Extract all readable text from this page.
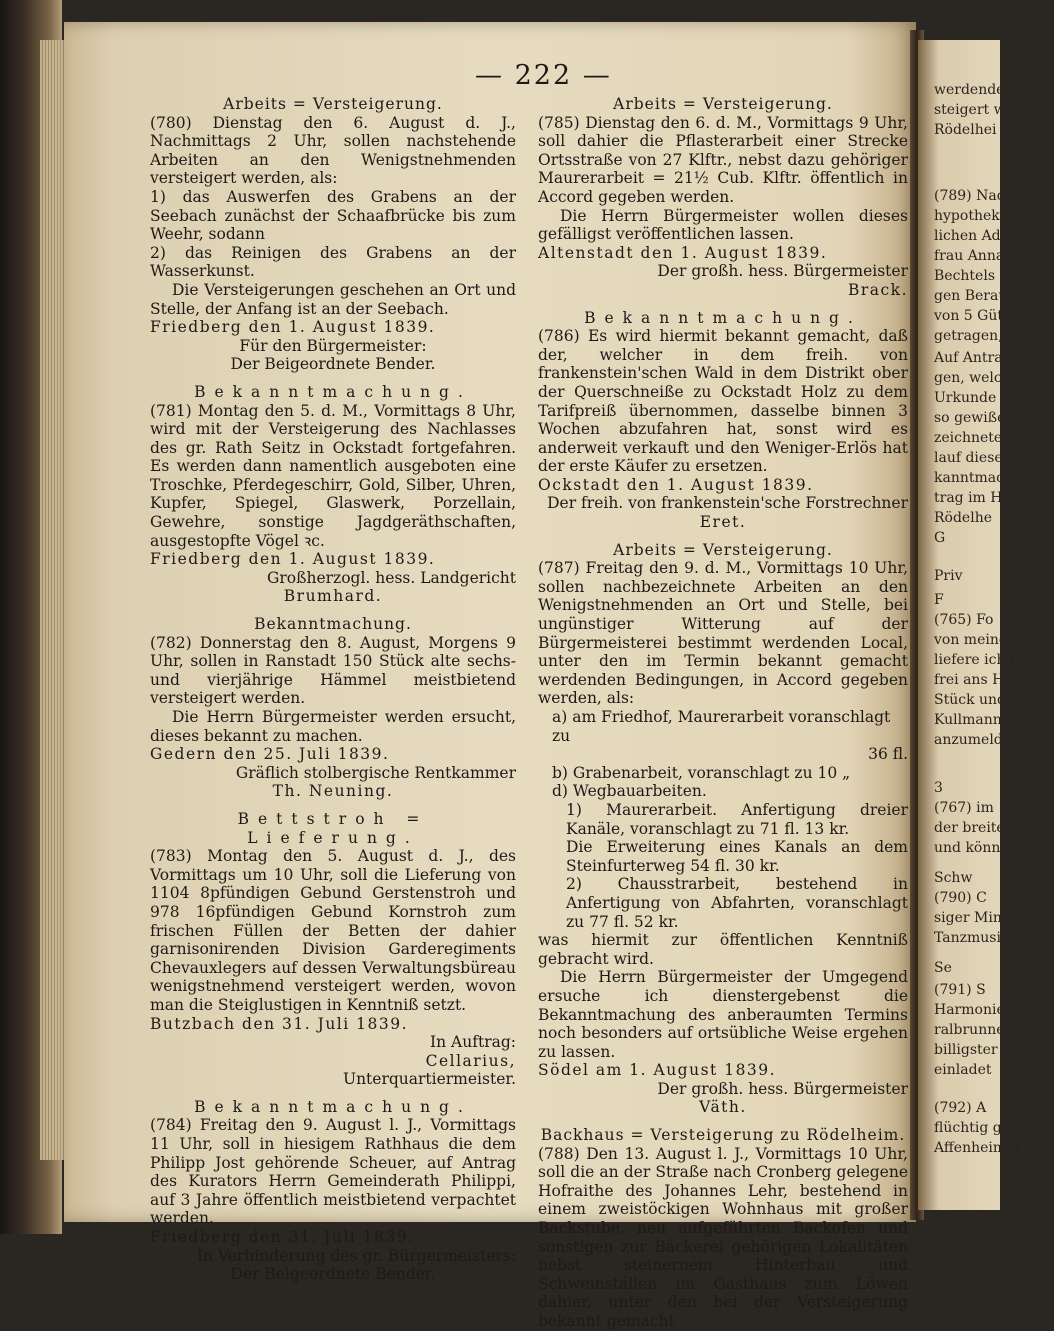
— 222 —

Arbeits = Versteigerung.

(780) Dienstag den 6. August d. J., Nachmittags 2 Uhr, sollen nachstehende Arbeiten an den Wenigstnehmenden versteigert werden, als:

1) das Auswerfen des Grabens an der Seebach zunächst der Schaafbrücke bis zum Weehr, sodann

2) das Reinigen des Grabens an der Wasserkunst.

Die Versteigerungen geschehen an Ort und Stelle, der Anfang ist an der Seebach.

Friedberg den 1. August 1839.

Für den Bürgermeister:

Der Beigeordnete Bender.

Bekanntmachung.

(781) Montag den 5. d. M., Vormittags 8 Uhr, wird mit der Versteigerung des Nachlasses des gr. Rath Seitz in Ockstadt fortgefahren. Es werden dann namentlich ausgeboten eine Troschke, Pferdegeschirr, Gold, Silber, Uhren, Kupfer, Spiegel, Glaswerk, Porzellain, Gewehre, sonstige Jagdgeräthschaften, ausgestopfte Vögel ꝛc.

Friedberg den 1. August 1839.

Großherzogl. hess. Landgericht

Brumhard.

Bekanntmachung.

(782) Donnerstag den 8. August, Morgens 9 Uhr, sollen in Ranstadt 150 Stück alte sechs- und vierjährige Hämmel meistbietend versteigert werden.

Die Herrn Bürgermeister werden ersucht, dieses bekannt zu machen.

Gedern den 25. Juli 1839.

Gräflich stolbergische Rentkammer

Th. Neuning.

Bettstroh = Lieferung.

(783) Montag den 5. August d. J., des Vormittags um 10 Uhr, soll die Lieferung von 1104 8pfündigen Gebund Gerstenstroh und 978 16pfündigen Gebund Kornstroh zum frischen Füllen der Betten der dahier garnisonirenden Division Garderegiments Chevauxlegers auf dessen Verwaltungsbüreau wenigstnehmend versteigert werden, wovon man die Steiglustigen in Kenntniß setzt.

Butzbach den 31. Juli 1839.

In Auftrag:

Cellarius,

Unterquartiermeister.

Bekanntmachung.

(784) Freitag den 9. August l. J., Vormittags 11 Uhr, soll in hiesigem Rathhaus die dem Philipp Jost gehörende Scheuer, auf Antrag des Kurators Herrn Gemeinderath Philippi, auf 3 Jahre öffentlich meistbietend verpachtet werden.

Friedberg den 31. Juli 1839.

In Verhinderung des gr. Bürgermeisters:

Der Beigeordnete Bender.

Arbeits = Versteigerung.

(785) Dienstag den 6. d. M., Vormittags 9 Uhr, soll dahier die Pflasterarbeit einer Strecke Ortsstraße von 27 Klftr., nebst dazu gehöriger Maurerarbeit = 21½ Cub. Klftr. öffentlich in Accord gegeben werden.

Die Herrn Bürgermeister wollen dieses gefälligst veröffentlichen lassen.

Altenstadt den 1. August 1839.

Der großh. hess. Bürgermeister

Brack.

Bekanntmachung.

(786) Es wird hiermit bekannt gemacht, daß der, welcher in dem freih. von frankenstein'schen Wald in dem Distrikt ober der Querschneiße zu Ockstadt Holz zu dem Tarifpreiß übernommen, dasselbe binnen 3 Wochen abzufahren hat, sonst wird es anderweit verkauft und den Weniger-Erlös hat der erste Käufer zu ersetzen.

Ockstadt den 1. August 1839.

Der freih. von frankenstein'sche Forstrechner

Eret.

Arbeits = Versteigerung.

(787) Freitag den 9. d. M., Vormittags 10 Uhr, sollen nachbezeichnete Arbeiten an den Wenigstnehmenden an Ort und Stelle, bei ungünstiger Witterung auf der Bürgermeisterei bestimmt werdenden Local, unter den im Termin bekannt gemacht werdenden Bedingungen, in Accord gegeben werden, als:

a) am Friedhof, Maurerarbeit voranschlagt zu

36 fl.

b) Grabenarbeit, voranschlagt zu 10 „

d) Wegbauarbeiten.

1) Maurerarbeit. Anfertigung dreier Kanäle, voranschlagt zu 71 fl. 13 kr.

Die Erweiterung eines Kanals an dem Steinfurterweg 54 fl. 30 kr.

2) Chausstrarbeit, bestehend in Anfertigung von Abfahrten, voranschlagt zu 77 fl. 52 kr.

was hiermit zur öffentlichen Kenntniß gebracht wird.

Die Herrn Bürgermeister der Umgegend ersuche ich dienstergebenst die Bekanntmachung des anberaumten Termins noch besonders auf ortsübliche Weise ergehen zu lassen.

Södel am 1. August 1839.

Der großh. hess. Bürgermeister

Väth.

Backhaus = Versteigerung zu Rödelheim.

(788) Den 13. August l. J., Vormittags 10 Uhr, soll die an der Straße nach Cronberg gelegene Hofraithe des Johannes Lehr, bestehend in einem zweistöckigen Wohnhaus mit großer Backstube, neu aufgeführten Backofen und sonstigen zur Bäckerei gehörigen Lokalitäten nebst steinernem Hinterbau und Schweinställen im Gasthaus zum Löwen dahier, unter den bei der Versteigerung bekannt gemacht

werdenden Bed
steigert werden
Rödelhei
(789) Nach
hypothekenbu
lichen Adam
frau Anna C
Bechtels sen.
gen Beraume
von 5 Güter
getragen, die
Auf Antrag
gen, welche
Urkunde abl
so gewißer
zeichneten Ge
lauf dieser F
kanntmachung
trag im Hyp
Rödelhe
G
Priv
F
(765) Fo
von meinem
liefere ich fr
frei ans Hau
Stück und
Kullmann
anzumelden.
3
(767) im
der breiten
und können
Schw
(790) C
siger Mine
Tanzmusik
Se
(791) S
Harmonie
ralbrunnen
billigster u
einladet
(792) A
flüchtig ge
Affenheim g
